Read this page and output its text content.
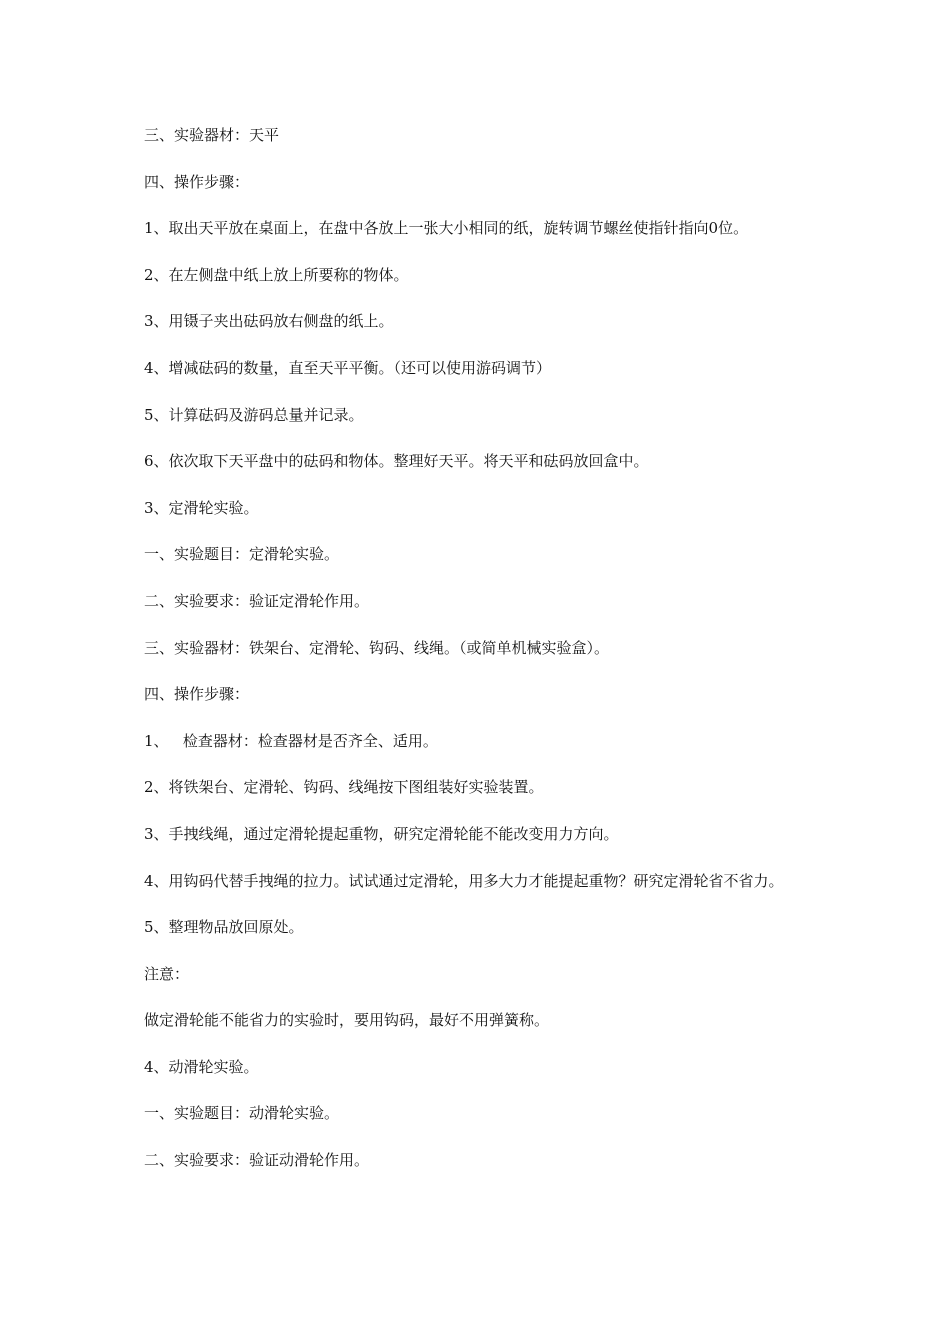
三、实验器材：天平

四、操作步骤：

1、取出天平放在桌面上，在盘中各放上一张大小相同的纸，旋转调节螺丝使指针指向0位。

2、在左侧盘中纸上放上所要称的物体。

3、用镊子夹出砝码放右侧盘的纸上。

4、增减砝码的数量，直至天平平衡。（还可以使用游码调节）

5、计算砝码及游码总量并记录。

6、依次取下天平盘中的砝码和物体。整理好天平。将天平和砝码放回盒中。

3、定滑轮实验。

一、实验题目：定滑轮实验。

二、实验要求：验证定滑轮作用。

三、实验器材：铁架台、定滑轮、钩码、线绳。（或简单机械实验盒）。

四、操作步骤：

1、   检查器材：检查器材是否齐全、适用。

2、将铁架台、定滑轮、钩码、线绳按下图组装好实验装置。

3、手拽线绳，通过定滑轮提起重物，研究定滑轮能不能改变用力方向。

4、用钩码代替手拽绳的拉力。试试通过定滑轮，用多大力才能提起重物？研究定滑轮省不省力。

5、整理物品放回原处。

注意：

做定滑轮能不能省力的实验时，要用钩码，最好不用弹簧称。

4、动滑轮实验。

一、实验题目：动滑轮实验。

二、实验要求：验证动滑轮作用。
